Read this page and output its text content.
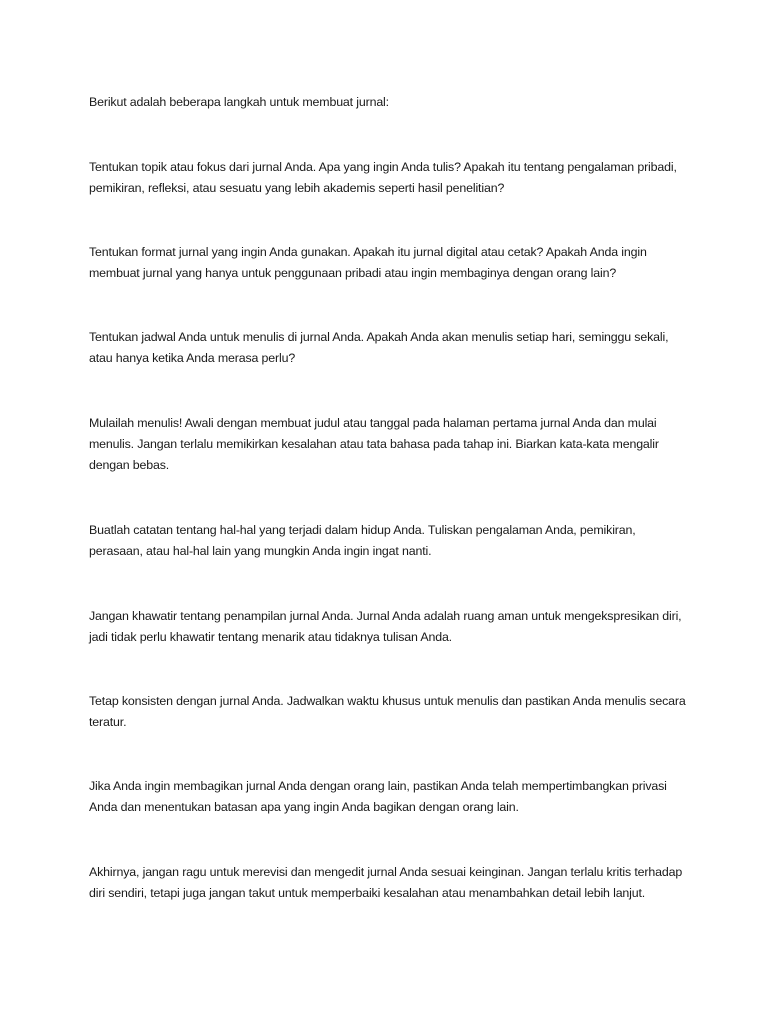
Berikut adalah beberapa langkah untuk membuat jurnal:

Tentukan topik atau fokus dari jurnal Anda. Apa yang ingin Anda tulis? Apakah itu tentang pengalaman pribadi, pemikiran, refleksi, atau sesuatu yang lebih akademis seperti hasil penelitian?

Tentukan format jurnal yang ingin Anda gunakan. Apakah itu jurnal digital atau cetak? Apakah Anda ingin membuat jurnal yang hanya untuk penggunaan pribadi atau ingin membaginya dengan orang lain?

Tentukan jadwal Anda untuk menulis di jurnal Anda. Apakah Anda akan menulis setiap hari, seminggu sekali, atau hanya ketika Anda merasa perlu?

Mulailah menulis! Awali dengan membuat judul atau tanggal pada halaman pertama jurnal Anda dan mulai menulis. Jangan terlalu memikirkan kesalahan atau tata bahasa pada tahap ini. Biarkan kata-kata mengalir dengan bebas.

Buatlah catatan tentang hal-hal yang terjadi dalam hidup Anda. Tuliskan pengalaman Anda, pemikiran, perasaan, atau hal-hal lain yang mungkin Anda ingin ingat nanti.

Jangan khawatir tentang penampilan jurnal Anda. Jurnal Anda adalah ruang aman untuk mengekspresikan diri, jadi tidak perlu khawatir tentang menarik atau tidaknya tulisan Anda.

Tetap konsisten dengan jurnal Anda. Jadwalkan waktu khusus untuk menulis dan pastikan Anda menulis secara teratur.

Jika Anda ingin membagikan jurnal Anda dengan orang lain, pastikan Anda telah mempertimbangkan privasi Anda dan menentukan batasan apa yang ingin Anda bagikan dengan orang lain.

Akhirnya, jangan ragu untuk merevisi dan mengedit jurnal Anda sesuai keinginan. Jangan terlalu kritis terhadap diri sendiri, tetapi juga jangan takut untuk memperbaiki kesalahan atau menambahkan detail lebih lanjut.
